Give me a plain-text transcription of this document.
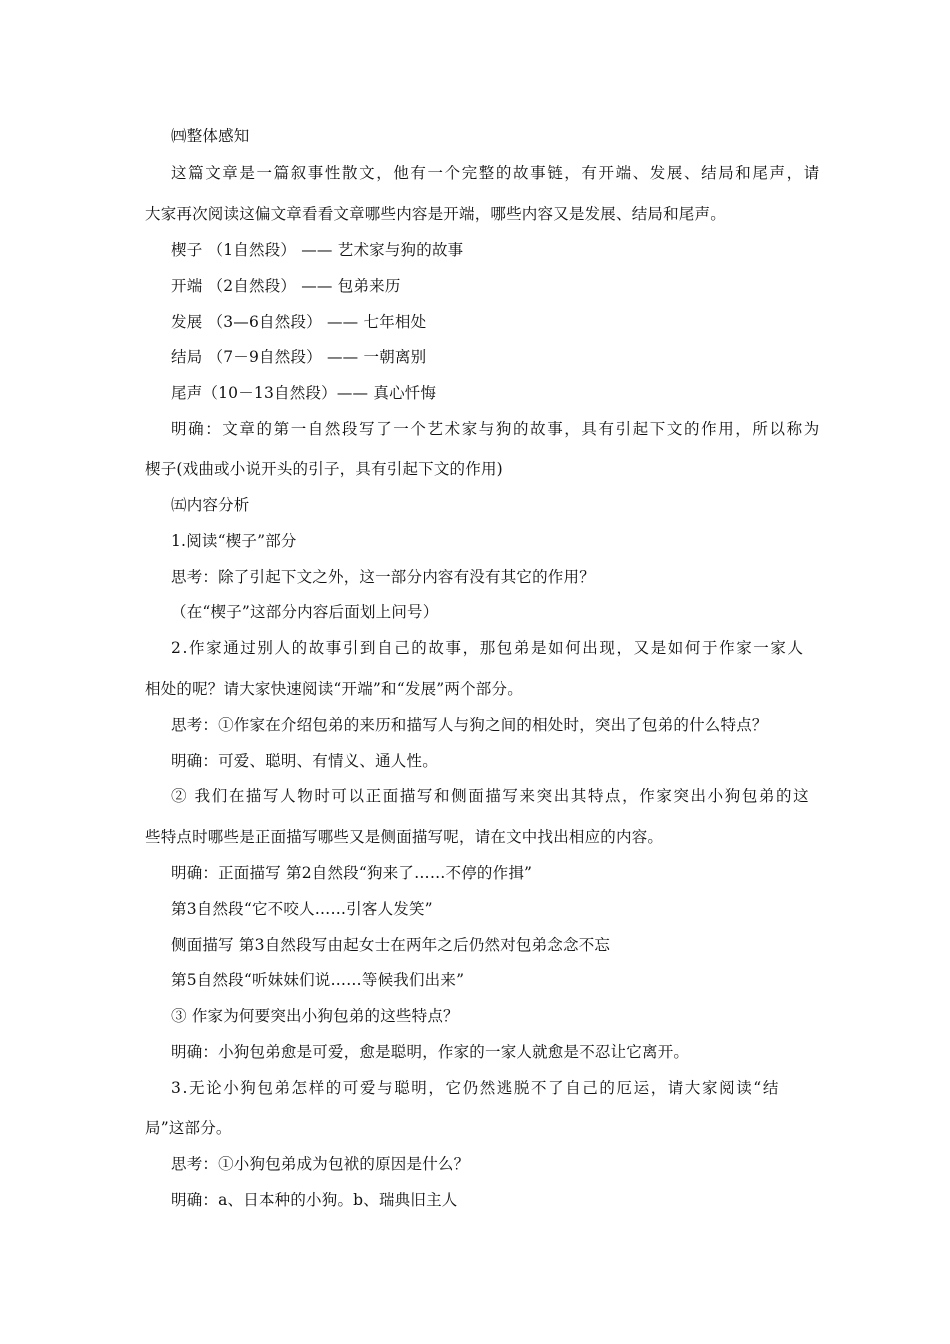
㈣整体感知
这篇文章是一篇叙事性散文，他有一个完整的故事链，有开端、发展、结局和尾声，请
大家再次阅读这偏文章看看文章哪些内容是开端，哪些内容又是发展、结局和尾声。
楔子 （1自然段） —— 艺术家与狗的故事
开端 （2自然段） —— 包弟来历
发展 （3—6自然段） —— 七年相处
结局 （7－9自然段） —— 一朝离别
尾声（10－13自然段）—— 真心忏悔
明确：文章的第一自然段写了一个艺术家与狗的故事，具有引起下文的作用，所以称为
楔子(戏曲或小说开头的引子，具有引起下文的作用)
㈤内容分析
1.阅读“楔子”部分
思考：除了引起下文之外，这一部分内容有没有其它的作用？
（在“楔子”这部分内容后面划上问号）
2.作家通过别人的故事引到自己的故事，那包弟是如何出现，又是如何于作家一家人
相处的呢？请大家快速阅读“开端”和“发展”两个部分。
思考：①作家在介绍包弟的来历和描写人与狗之间的相处时，突出了包弟的什么特点？
明确：可爱、聪明、有情义、通人性。
② 我们在描写人物时可以正面描写和侧面描写来突出其特点，作家突出小狗包弟的这
些特点时哪些是正面描写哪些又是侧面描写呢，请在文中找出相应的内容。
明确：正面描写 第2自然段“狗来了……不停的作揖”
第3自然段“它不咬人……引客人发笑”
侧面描写 第3自然段写由起女士在两年之后仍然对包弟念念不忘
第5自然段“听妹妹们说……等候我们出来”
③ 作家为何要突出小狗包弟的这些特点？
明确：小狗包弟愈是可爱，愈是聪明，作家的一家人就愈是不忍让它离开。
3.无论小狗包弟怎样的可爱与聪明，它仍然逃脱不了自己的厄运，请大家阅读“结
局”这部分。
思考：①小狗包弟成为包袱的原因是什么？
明确：a、日本种的小狗。b、瑞典旧主人
